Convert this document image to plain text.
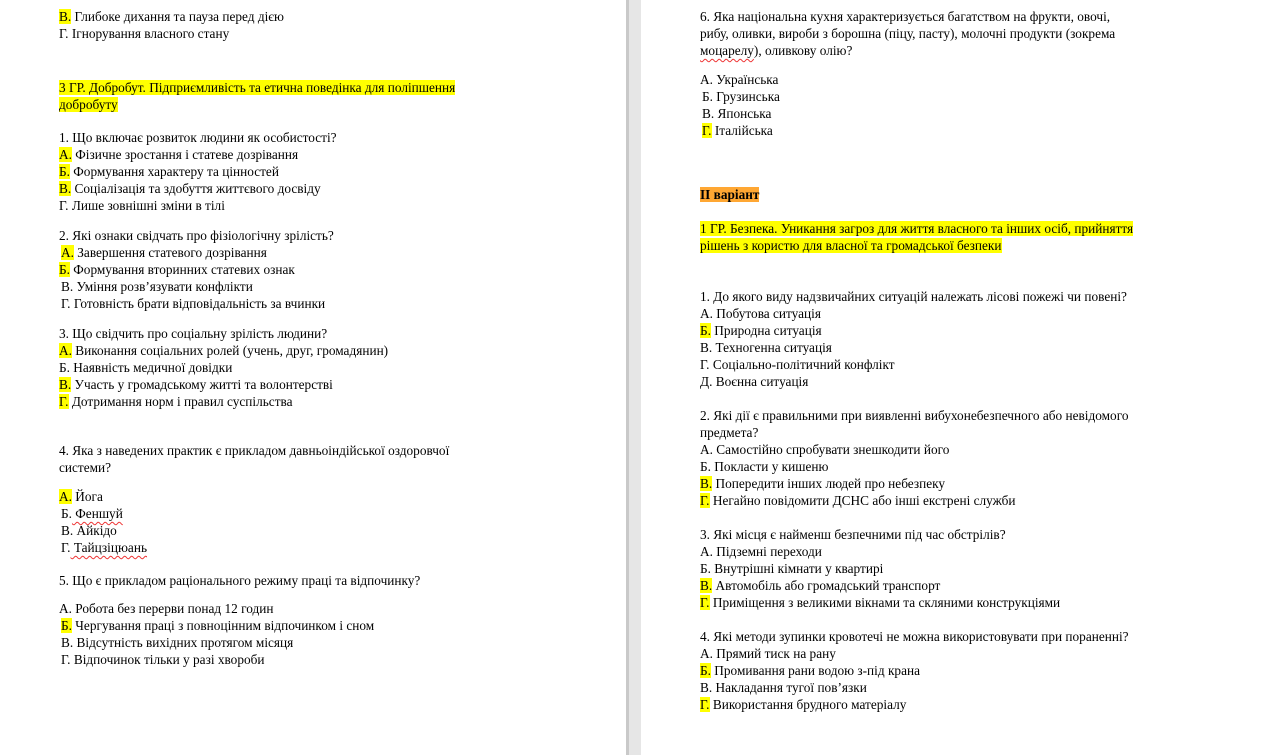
В. Глибоке дихання та пауза перед дією
Г. Ігнорування власного стану
3 ГР. Добробут. Підприємливість та етична поведінка для поліпшення
добробуту
1. Що включає розвиток людини як особистості?
А. Фізичне зростання і статеве дозрівання
Б. Формування характеру та цінностей
В. Соціалізація та здобуття життєвого досвіду
Г. Лише зовнішні зміни в тілі
2. Які ознаки свідчать про фізіологічну зрілість?
А. Завершення статевого дозрівання
Б. Формування вторинних статевих ознак
В. Уміння розв’язувати конфлікти
Г. Готовність брати відповідальність за вчинки
3. Що свідчить про соціальну зрілість людини?
А. Виконання соціальних ролей (учень, друг, громадянин)
Б. Наявність медичної довідки
В. Участь у громадському житті та волонтерстві
Г. Дотримання норм і правил суспільства
4. Яка з наведених практик є прикладом давньоіндійської оздоровчої
системи?
А. Йога
Б. Феншуй
В. Айкідо
Г. Тайцзіцюань
5. Що є прикладом раціонального режиму праці та відпочинку?
А. Робота без перерви понад 12 годин
Б. Чергування праці з повноцінним відпочинком і сном
В. Відсутність вихідних протягом місяця
Г. Відпочинок тільки у разі хвороби
6. Яка національна кухня характеризується багатством на фрукти, овочі,
рибу, оливки, вироби з борошна (піцу, пасту), молочні продукти (зокрема
моцарелу), оливкову олію?
А. Українська
Б. Грузинська
В. Японська
Г. Італійська
ІІ варіант
1 ГР. Безпека. Уникання загроз для життя власного та інших осіб, прийняття
рішень з користю для власної та громадської безпеки
1. До якого виду надзвичайних ситуацій належать лісові пожежі чи повені?
А. Побутова ситуація
Б. Природна ситуація
В. Техногенна ситуація
Г. Соціально-політичний конфлікт
Д. Воєнна ситуація
2. Які дії є правильними при виявленні вибухонебезпечного або невідомого
предмета?
А. Самостійно спробувати знешкодити його
Б. Покласти у кишеню
В. Попередити інших людей про небезпеку
Г. Негайно повідомити ДСНС або інші екстрені служби
3. Які місця є найменш безпечними під час обстрілів?
А. Підземні переходи
Б. Внутрішні кімнати у квартирі
В. Автомобіль або громадський транспорт
Г. Приміщення з великими вікнами та скляними конструкціями
4. Які методи зупинки кровотечі не можна використовувати при пораненні?
А. Прямий тиск на рану
Б. Промивання рани водою з-під крана
В. Накладання тугої пов’язки
Г. Використання брудного матеріалу
